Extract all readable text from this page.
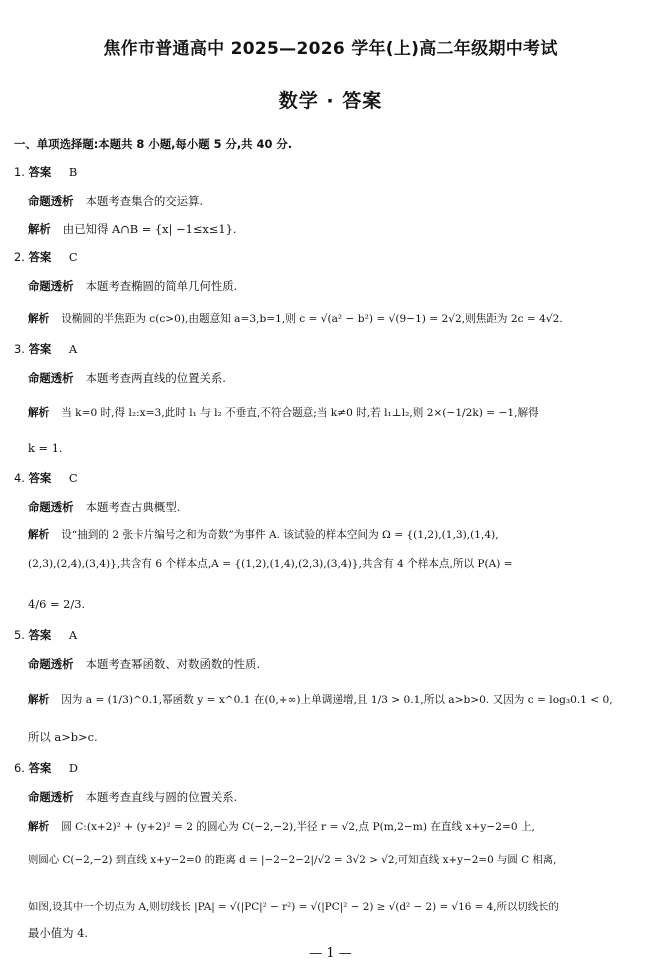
焦作市普通高中 2025—2026 学年(上)高二年级期中考试
数学 · 答案
一、单项选择题:本题共 8 小题,每小题 5 分,共 40 分.
1. 答案 B
命题透析 本题考查集合的交运算.
解析 由已知得 A∩B = {x| −1≤x≤1}.
2. 答案 C
命题透析 本题考查椭圆的简单几何性质.
解析 设椭圆的半焦距为 c(c>0),由题意知 a=3,b=1,则 c = √(a² − b²) = √(9−1) = 2√2,则焦距为 2c = 4√2.
3. 答案 A
命题透析 本题考查两直线的位置关系.
解析 当 k=0 时,得 l₂:x=3,此时 l₁ 与 l₂ 不垂直,不符合题意;当 k≠0 时,若 l₁⊥l₂,则 2×(−1/2k) = −1,解得
k = 1.
4. 答案 C
命题透析 本题考查古典概型.
解析 设“抽到的 2 张卡片编号之和为奇数”为事件 A. 该试验的样本空间为 Ω = {(1,2),(1,3),(1,4),
(2,3),(2,4),(3,4)},共含有 6 个样本点,A = {(1,2),(1,4),(2,3),(3,4)},共含有 4 个样本点,所以 P(A) =
4/6 = 2/3.
5. 答案 A
命题透析 本题考查幂函数、对数函数的性质.
解析 因为 a = (1/3)^0.1,幂函数 y = x^0.1 在(0,+∞)上单调递增,且 1/3 > 0.1,所以 a>b>0. 又因为 c = log₃0.1 < 0,
所以 a>b>c.
6. 答案 D
命题透析 本题考查直线与圆的位置关系.
解析 圆 C:(x+2)² + (y+2)² = 2 的圆心为 C(−2,−2),半径 r = √2,点 P(m,2−m) 在直线 x+y−2=0 上,
则圆心 C(−2,−2) 到直线 x+y−2=0 的距离 d = |−2−2−2|/√2 = 3√2 > √2,可知直线 x+y−2=0 与圆 C 相离,
如图,设其中一个切点为 A,则切线长 |PA| = √(|PC|² − r²) = √(|PC|² − 2) ≥ √(d² − 2) = √16 = 4,所以切线长的
最小值为 4.
— 1 —
